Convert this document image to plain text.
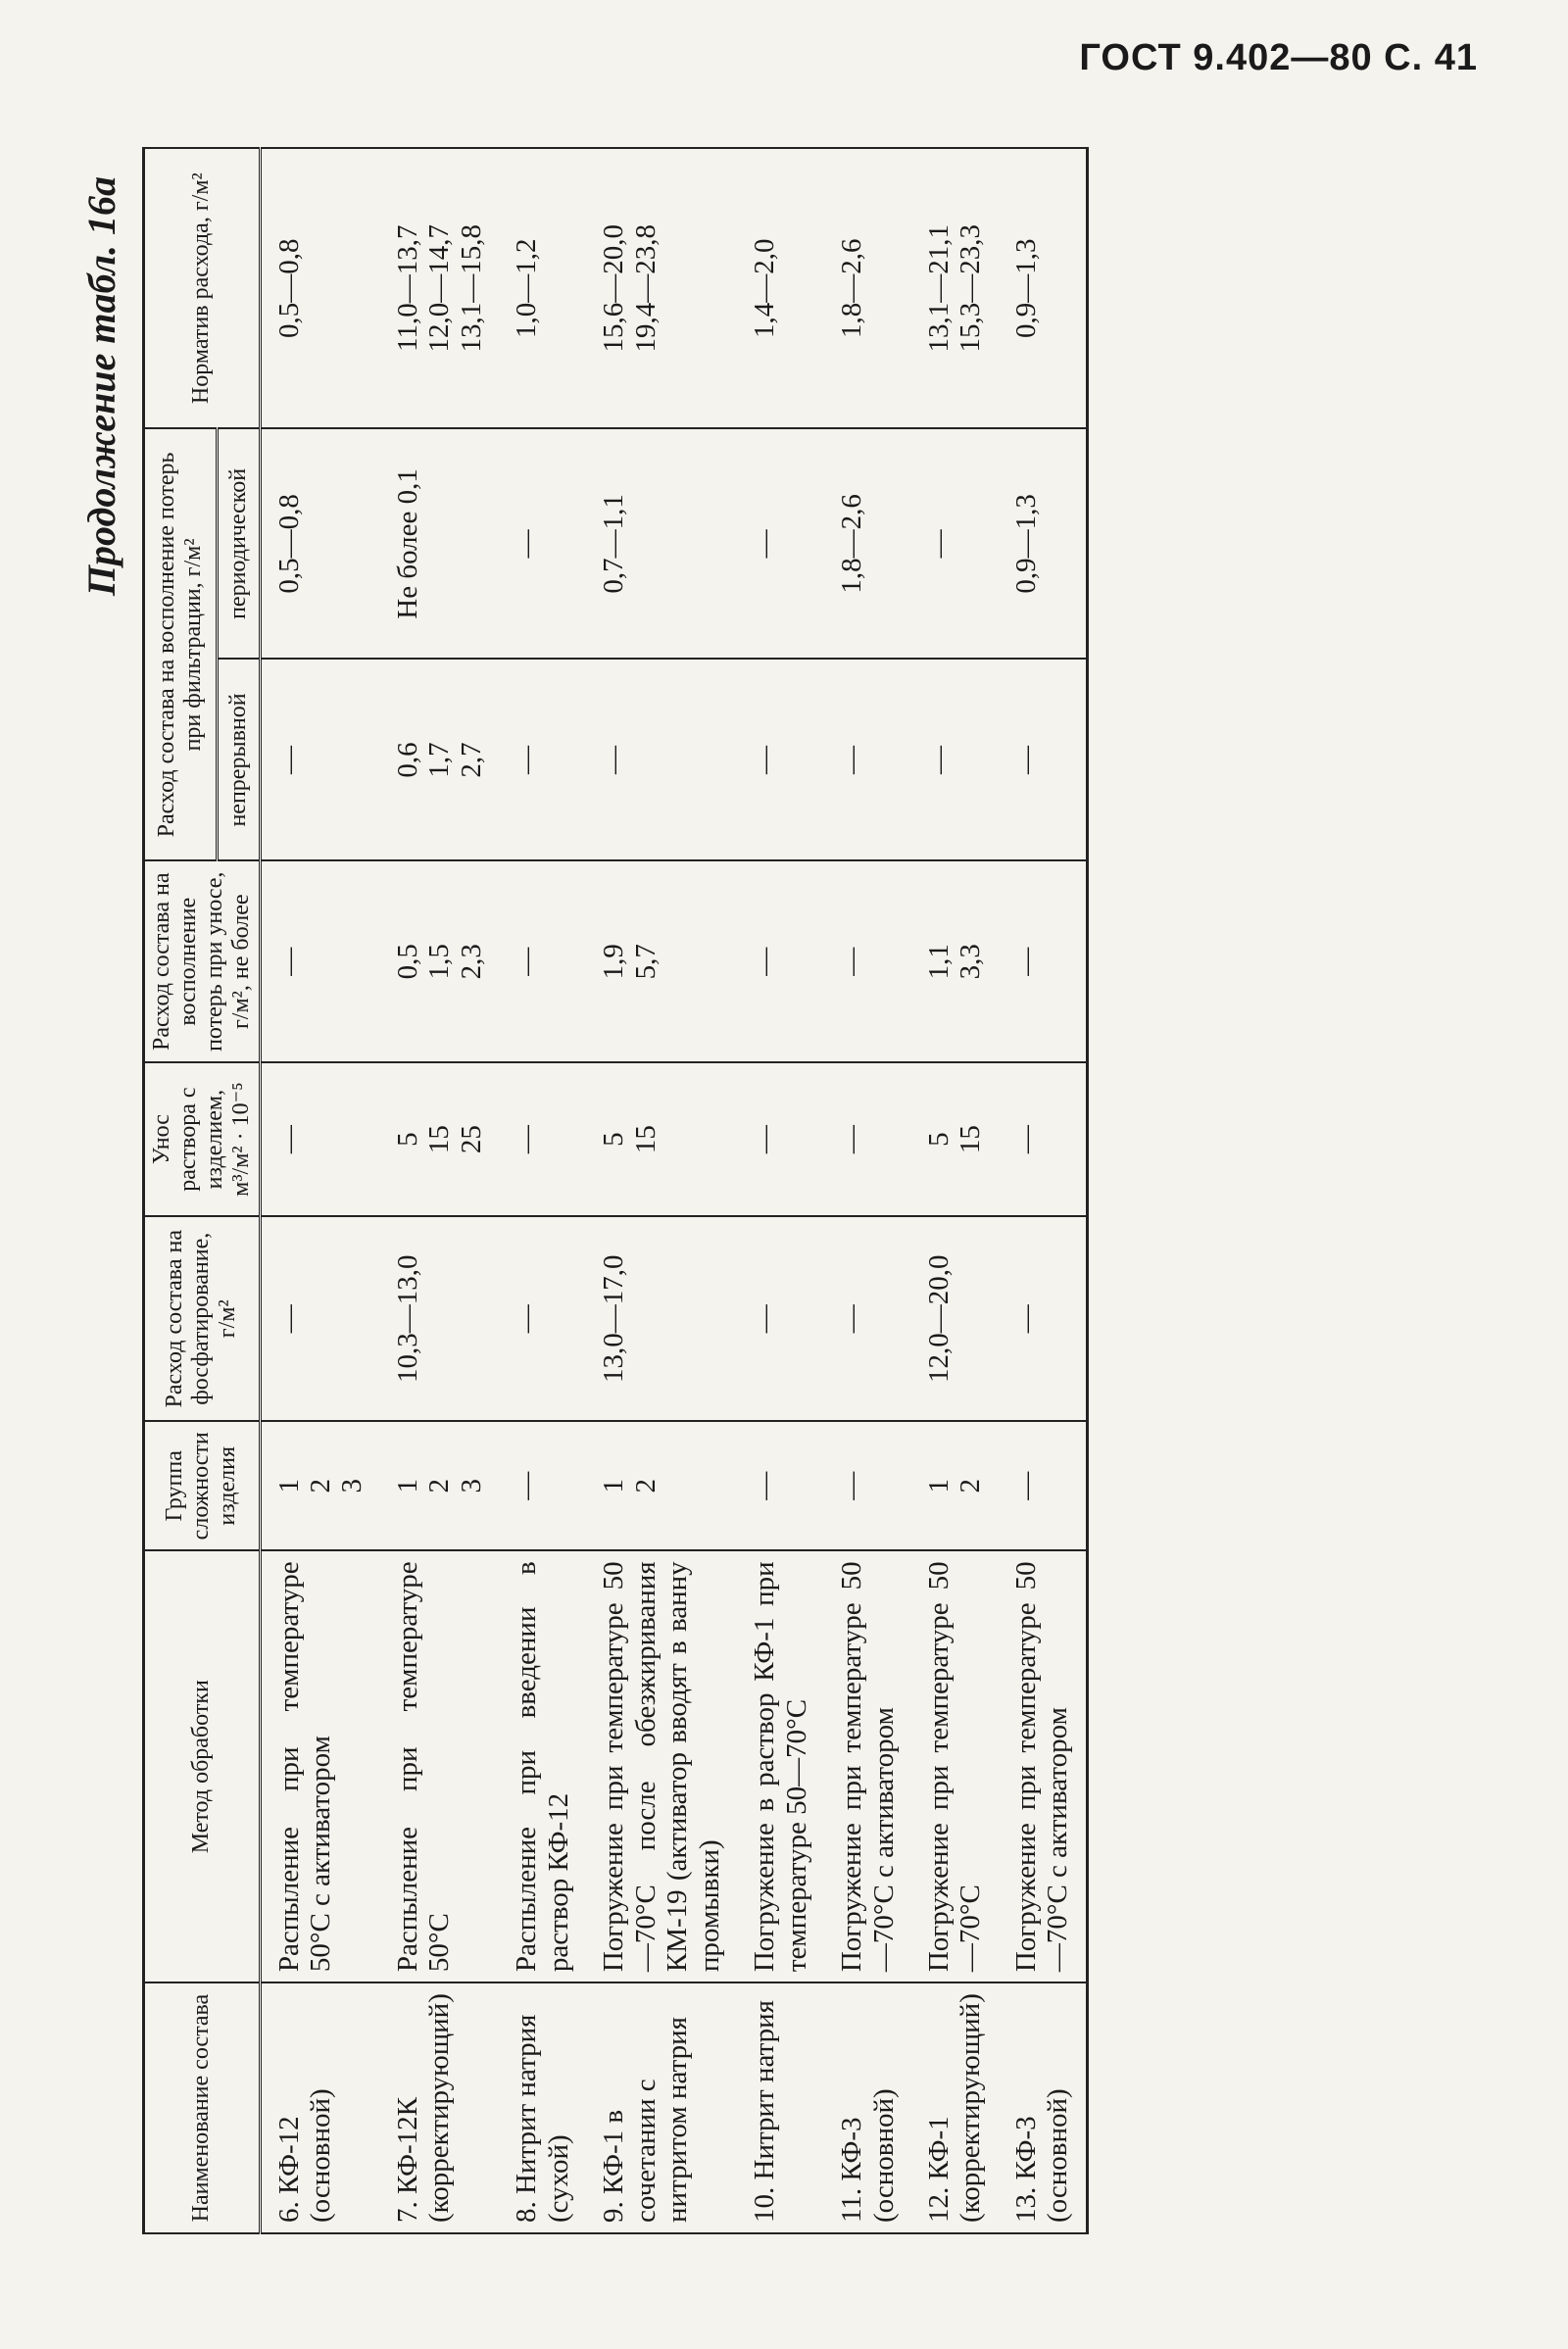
ГОСТ 9.402—80 С. 41
Продолжение табл. 16а
Наименование состава	Метод обработки	Группа сложности изделия	Расход состава на фосфатирование, г/м²	Унос раствора с изделием, м³/м² · 10⁻⁵	Расход состава на восполнение потерь при уносе, г/м², не более	Расход состава на восполнение потерь при фильтрации, г/м²		Норматив расхода, г/м²
						непрерывной	периодической	
6. КФ-12 (основной)	Распыление при температуре 50°С с активатором	1
2
3	—	—	—	—	0,5—0,8	0,5—0,8
7. КФ-12К (корректирующий)	Распыление при температуре 50°С	1
2
3	10,3—13,0	5
15
25	0,5
1,5
2,3	0,6
1,7
2,7	Не более 0,1	11,0—13,7
12,0—14,7
13,1—15,8
8. Нитрит натрия (сухой)	Распыление при введении в раствор КФ-12	—	—	—	—	—	—	1,0—1,2
9. КФ-1 в сочетании с нитритом натрия	Погружение при температуре 50—70°С после обезжиривания КМ-19 (активатор вводят в ванну промывки)	1
2	13,0—17,0	5
15	1,9
5,7	—	0,7—1,1	15,6—20,0
19,4—23,8
10. Нитрит натрия	Погружение в раствор КФ-1 при температуре 50—70°С	—	—	—	—	—	—	1,4—2,0
11. КФ-3 (основной)	Погружение при температуре 50—70°С с активатором	—	—	—	—	—	1,8—2,6	1,8—2,6
12. КФ-1 (корректирующий)	Погружение при температуре 50—70°С	1
2	12,0—20,0	5
15	1,1
3,3	—	—	13,1—21,1
15,3—23,3
13. КФ-3 (основной)	Погружение при температуре 50—70°С с активатором	—	—	—	—	—	0,9—1,3	0,9—1,3
